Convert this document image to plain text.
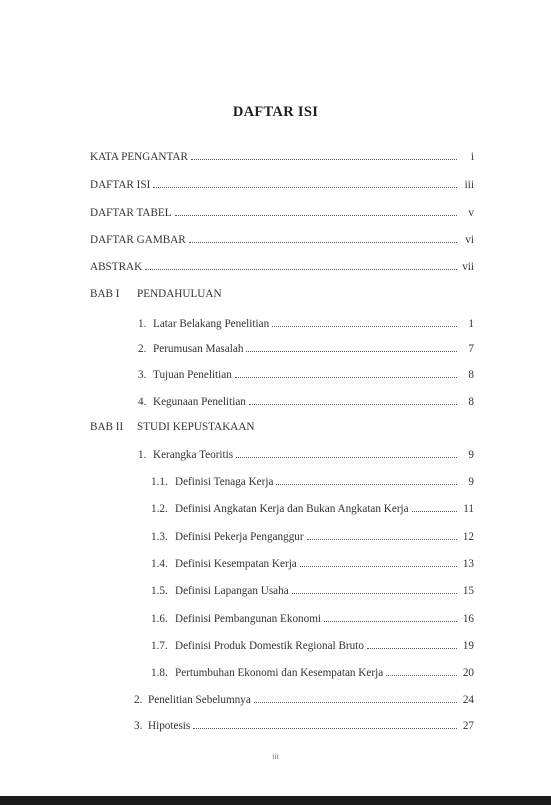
DAFTAR ISI
KATA PENGANTAR	i
DAFTAR ISI	iii
DAFTAR TABEL	v
DAFTAR GAMBAR	vi
ABSTRAK	vii
BAB I	PENDAHULUAN
1. Latar Belakang Penelitian	1
2. Perumusan Masalah	7
3. Tujuan Penelitian	8
4. Kegunaan Penelitian	8
BAB II	STUDI KEPUSTAKAAN
1. Kerangka Teoritis	9
1.1. Definisi Tenaga Kerja	9
1.2. Definisi Angkatan Kerja dan Bukan Angkatan Kerja	11
1.3. Definisi Pekerja Penganggur	12
1.4. Definisi Kesempatan Kerja	13
1.5. Definisi Lapangan Usaha	15
1.6. Definisi Pembangunan Ekonomi	16
1.7. Definisi Produk Domestik Regional Bruto	19
1.8. Pertumbuhan Ekonomi dan Kesempatan Kerja	20
2. Penelitian Sebelumnya	24
3. Hipotesis	27
iii
